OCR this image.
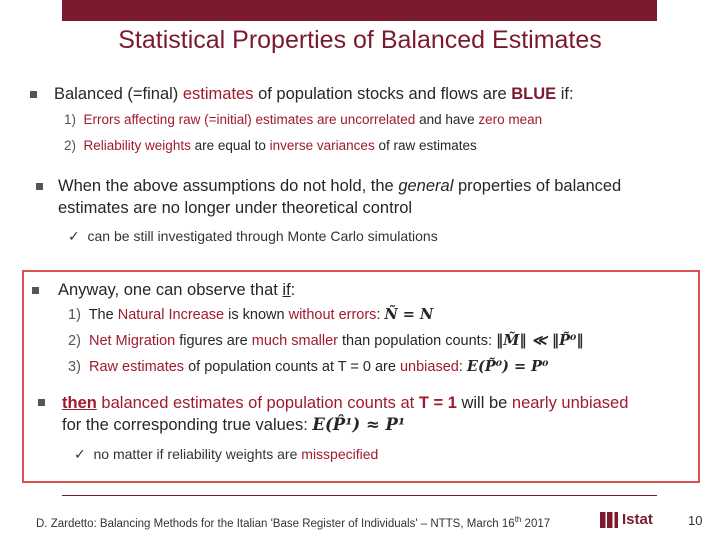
Statistical Properties of Balanced Estimates
Balanced (=final) estimates of population stocks and flows are BLUE if:
1) Errors affecting raw (=initial) estimates are uncorrelated and have zero mean
2) Reliability weights are equal to inverse variances of raw estimates
When the above assumptions do not hold, the general properties of balanced
estimates are no longer under theoretical control
✓ can be still investigated through Monte Carlo simulations
Anyway, one can observe that if:
1) The Natural Increase is known without errors: Ñ = N
2) Net Migration figures are much smaller than population counts: ‖M̃‖ ≪ ‖P̃⁰‖
3) Raw estimates of population counts at T = 0 are unbiased: E(P̃⁰) = P⁰
then balanced estimates of population counts at T = 1 will be nearly unbiased
for the corresponding true values: E(P̂¹) ≈ P¹
✓ no matter if reliability weights are misspecified
D. Zardetto: Balancing Methods for the Italian 'Base Register of Individuals' – NTTS, March 16th 2017	Istat	10
